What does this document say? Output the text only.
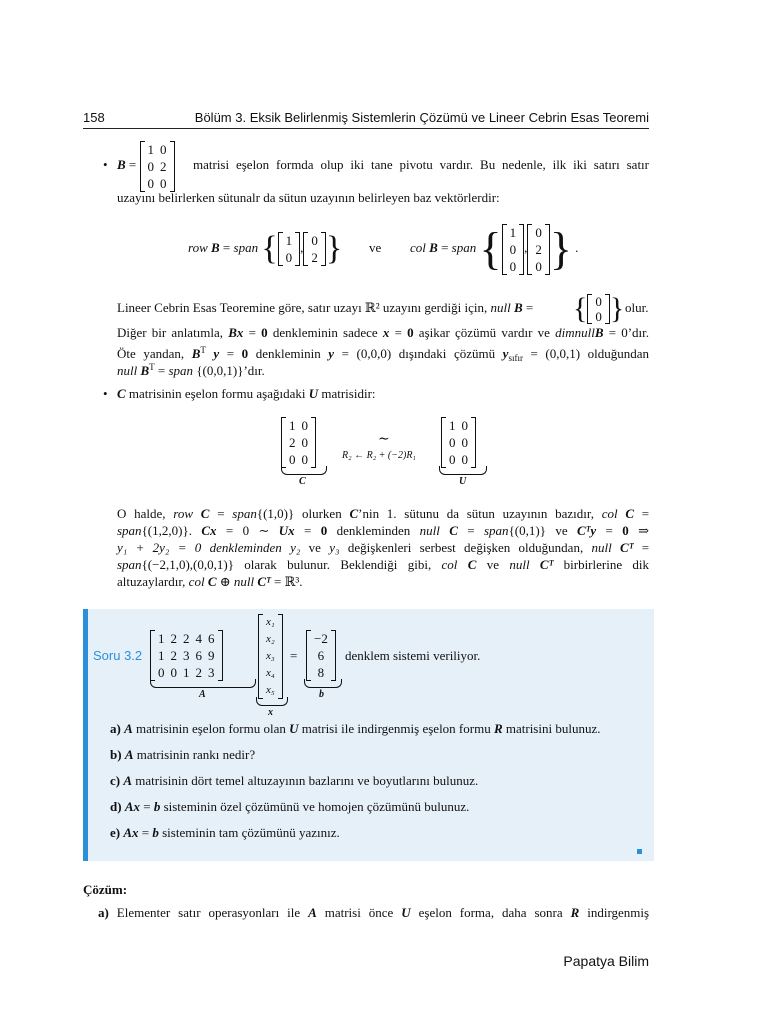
158	Bölüm 3. Eksik Belirlenmiş Sistemlerin Çözümü ve Lineer Cebrin Esas Teoremi
• B =
1	0
0	2
0	0
matrisi eşelon formda olup iki tane pivotu vardır. Bu nedenle, ilk iki satırı satır
uzayını belirlerken sütunalr da sütun uzayının belirleyen baz vektörlerdir:
row B = span { 1
0
, 0
2 } ve col B = span { 1
0
0
,
0
2
0 } .
Lineer Cebrin Esas Teoremine göre, satır uzayı ℝ² uzayını gerdiği için, null B = { 0
0 } olur.
Diğer bir anlatımla, Bx = 0 denkleminin sadece x = 0 aşikar çözümü vardır ve dimnullB = 0’dır.
Öte yandan, $B^T$ y = 0 denkleminin y = (0,0,0) dışındaki çözümü $y_{sıfır} = (0,0,1)$ olduğundan
null $B^T$ = span {(0,0,1)}’dır.
• C matrisinin eşelon formu aşağıdaki U matrisidir:
1	0
2	0
0	0
C
∼
R₂ ← R₂ + (−2)R₁
1	0
0	0
0	0
U
O halde, row C = span{(1,0)} olurken C’nin 1. sütunu da sütun uzayının bazıdır, col C =
span{(1,2,0)}. Cx = 0 ∼ Ux = 0 denkleminden null C = span{(0,1)} ve Cᵀy = 0 ⇒
y₁ + 2y₂ = 0 denkleminden y₂ ve y₃ değişkenleri serbest değişken olduğundan, null Cᵀ =
span{(−2,1,0),(0,0,1)} olarak bulunur. Beklendiği gibi, col C ve null Cᵀ birbirlerine dik
altuzaylardır, col C ⊕ null Cᵀ = ℝ³.
Soru 3.2
1	2	2	4	6
1	2	3	6	9
0	0	1	2	3
A
x₁
x₂
x₃
x₄
x₅
x
=
−2
6
8
b
denklem sistemi veriliyor.
a) A matrisinin eşelon formu olan U matrisi ile indirgenmiş eşelon formu R matrisini bulunuz.
b) A matrisinin rankı nedir?
c) A matrisinin dört temel altuzayının bazlarını ve boyutlarını bulunuz.
d) Ax = b sisteminin özel çözümünü ve homojen çözümünü bulunuz.
e) Ax = b sisteminin tam çözümünü yazınız.
Çözüm:
a) Elementer satır operasyonları ile A matrisi önce U eşelon forma, daha sonra R indirgenmiş
Papatya Bilim
